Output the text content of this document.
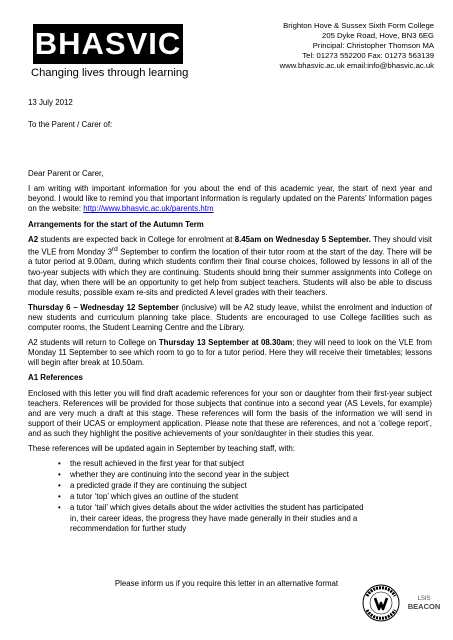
BHASVIC
Changing lives through learning
Brighton Hove & Sussex Sixth Form College
205 Dyke Road, Hove, BN3 6EG
Principal: Christopher Thomson MA
Tel: 01273 552200 Fax: 01273 563139
www.bhasvic.ac.uk email:info@bhasvic.ac.uk

13 July 2012

To the Parent / Carer of:

Dear Parent or Carer,

I am writing with important information for you about the end of this academic year, the start of next year and beyond. I would like to remind you that important information is regularly updated on the Parents’ Information pages on the website: http://www.bhasvic.ac.uk/parents.htm

Arrangements for the start of the Autumn Term

A2 students are expected back in College for enrolment at 8.45am on Wednesday 5 September. They should visit the VLE from Monday 3rd September to confirm the location of their tutor room at the start of the day. There will be a tutor period at 9.00am, during which students confirm their final course choices, followed by lessons in all of the two-year subjects with which they are continuing. Students should bring their summer assignments into College on that day, when there will be an opportunity to get help from subject teachers. Students will also be able to discuss module results, possible exam re-sits and predicted A level grades with their teachers.

Thursday 6 – Wednesday 12 September (inclusive) will be A2 study leave, whilst the enrolment and induction of new students and curriculum planning take place. Students are encouraged to use College facilities such as computer rooms, the Student Learning Centre and the Library.

A2 students will return to College on Thursday 13 September at 08.30am; they will need to look on the VLE from Monday 11 September to see which room to go to for a tutor period. Here they will receive their timetables; lessons will begin after break at 10.50am.

A1 References

Enclosed with this letter you will find draft academic references for your son or daughter from their first-year subject teachers. References will be provided for those subjects that continue into a second year (AS Levels, for example) and are very much a draft at this stage. These references will form the basis of the information we will send in support of their UCAS or employment application. Please note that these are references, and not a ‘college report’, and as such they highlight the positive achievements of your son/daughter in their studies this year.

These references will be updated again in September by teaching staff, with:

• the result achieved in the first year for that subject
• whether they are continuing into the second year in the subject
• a predicted grade if they are continuing the subject
• a tutor ‘top’ which gives an outline of the student
• a tutor ‘tail’ which gives details about the wider activities the student has participated in, their career ideas, the progress they have made generally in their studies and a recommendation for further study
Please inform us if you require this letter in an alternative format
LSIS
BEACON
